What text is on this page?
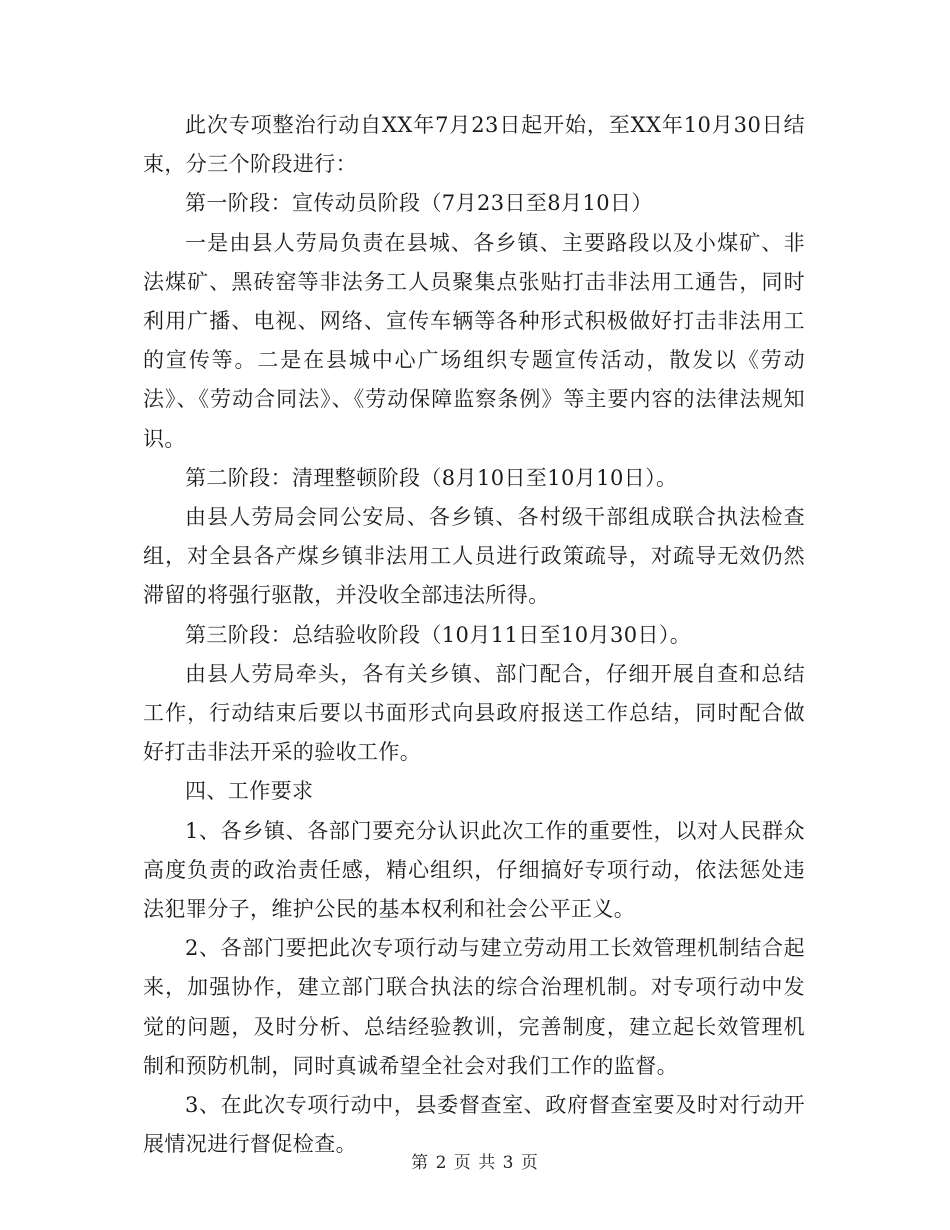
此次专项整治行动自XX年7月23日起开始，至XX年10月30日结束，分三个阶段进行：

第一阶段：宣传动员阶段（7月23日至8月10日）

一是由县人劳局负责在县城、各乡镇、主要路段以及小煤矿、非法煤矿、黑砖窑等非法务工人员聚集点张贴打击非法用工通告，同时利用广播、电视、网络、宣传车辆等各种形式积极做好打击非法用工的宣传等。二是在县城中心广场组织专题宣传活动，散发以《劳动法》、《劳动合同法》、《劳动保障监察条例》等主要内容的法律法规知识。

第二阶段：清理整顿阶段（8月10日至10月10日）。

由县人劳局会同公安局、各乡镇、各村级干部组成联合执法检查组，对全县各产煤乡镇非法用工人员进行政策疏导，对疏导无效仍然滞留的将强行驱散，并没收全部违法所得。

第三阶段：总结验收阶段（10月11日至10月30日）。

由县人劳局牵头，各有关乡镇、部门配合，仔细开展自查和总结工作，行动结束后要以书面形式向县政府报送工作总结，同时配合做好打击非法开采的验收工作。

四、工作要求

1、各乡镇、各部门要充分认识此次工作的重要性，以对人民群众高度负责的政治责任感，精心组织，仔细搞好专项行动，依法惩处违法犯罪分子，维护公民的基本权利和社会公平正义。

2、各部门要把此次专项行动与建立劳动用工长效管理机制结合起来，加强协作，建立部门联合执法的综合治理机制。对专项行动中发觉的问题，及时分析、总结经验教训，完善制度，建立起长效管理机制和预防机制，同时真诚希望全社会对我们工作的监督。

3、在此次专项行动中，县委督查室、政府督查室要及时对行动开展情况进行督促检查。

第 2 页 共 3 页
